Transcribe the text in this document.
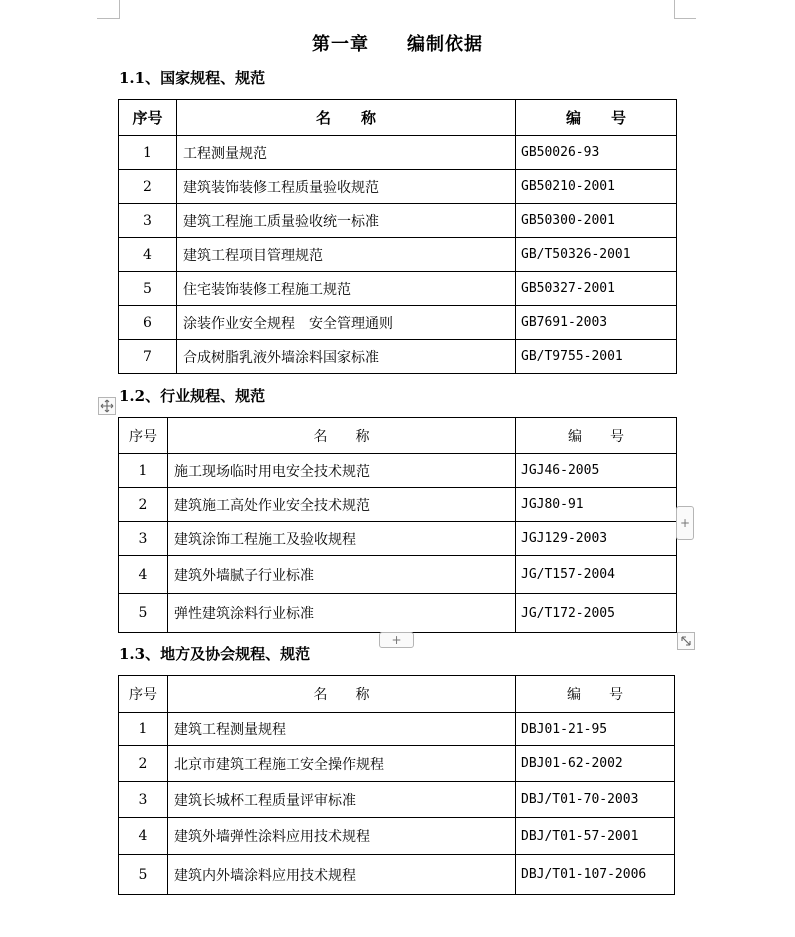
第一章　　编制依据
1.1、国家规程、规范
序号	名　　称	编　　号
1	工程测量规范	GB50026-93
2	建筑装饰装修工程质量验收规范	GB50210-2001
3	建筑工程施工质量验收统一标准	GB50300-2001
4	建筑工程项目管理规范	GB/T50326-2001
5	住宅装饰装修工程施工规范	GB50327-2001
6	涂装作业安全规程　安全管理通则	GB7691-2003
7	合成树脂乳液外墙涂料国家标准	GB/T9755-2001
1.2、行业规程、规范
序号	名　　称	编　　号
1	施工现场临时用电安全技术规范	JGJ46-2005
2	建筑施工高处作业安全技术规范	JGJ80-91
3	建筑涂饰工程施工及验收规程	JGJ129-2003
4	建筑外墙腻子行业标准	JG/T157-2004
5	弹性建筑涂料行业标准	JG/T172-2005
+
+
1.3、地方及协会规程、规范
序号	名　　称	编　　号
1	建筑工程测量规程	DBJ01-21-95
2	北京市建筑工程施工安全操作规程	DBJ01-62-2002
3	建筑长城杯工程质量评审标准	DBJ/T01-70-2003
4	建筑外墙弹性涂料应用技术规程	DBJ/T01-57-2001
5	建筑内外墙涂料应用技术规程	DBJ/T01-107-2006
